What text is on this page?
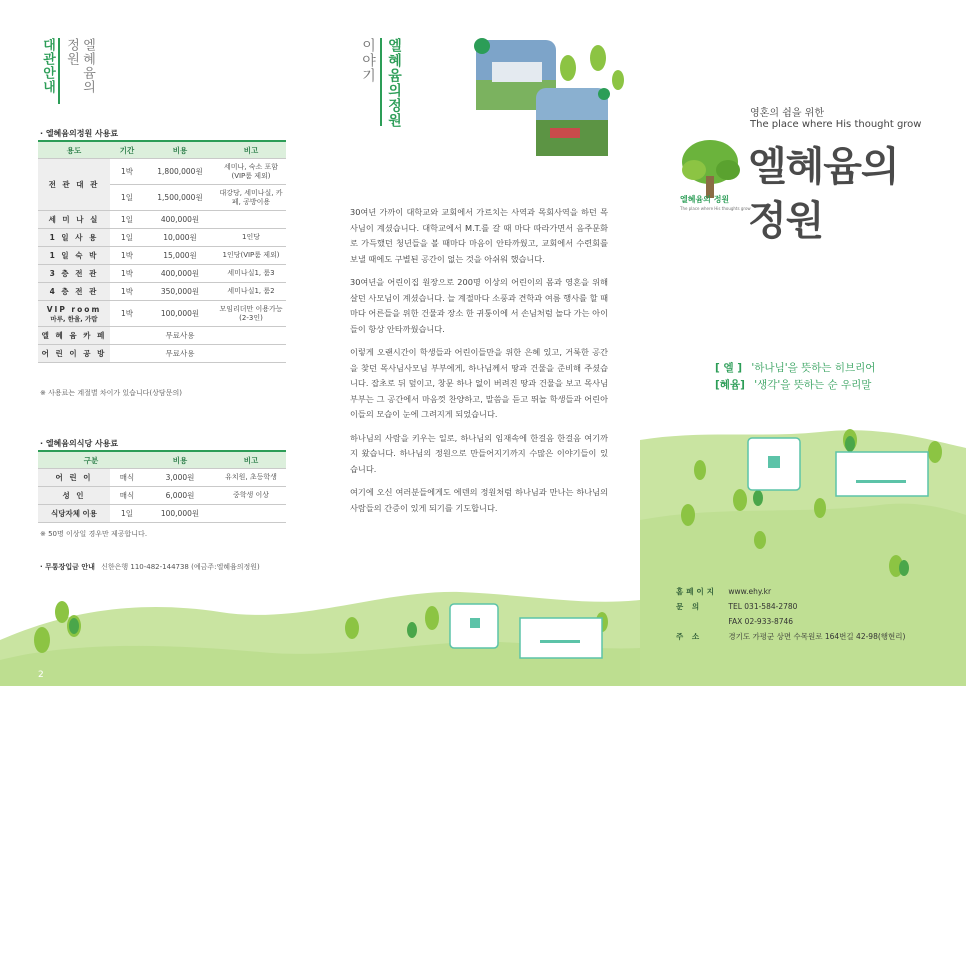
대관안내 정원 엘혜윰의
· 엘혜윰의정원 사용료
용도	기간	비용	비고
전 관 대 관	1박	1,800,000원	세미나, 숙소 포함 (VIP룸 제외)
	1일	1,500,000원	대강당, 세미나실, 카페, 공방이용
세 미 나 실	1일	400,000원	
1 일 사 용	1일	10,000원	1인당
1 일 숙 박	1박	15,000원	1인당(VIP룸 제외)
3 층 전 관	1박	400,000원	세미나실1, 룸3
4 층 전 관	1박	350,000원	세미나실1, 룸2

VIP room
마루, 한울, 가람	1박	100,000원	모임리더만 이용가능 (2-3인)
엘 혜 윰 카 페		무료사용	
어 린 이 공 방		무료사용	
※ 사용료는 계절별 차이가 있습니다(상담문의)
· 엘혜윰의식당 사용료
구분		비용	비고
어 린 이	매식	3,000원	유치원, 초등학생
성 인	매식	6,000원	중학생 이상
식당자체 이용	1일	100,000원	
※ 50명 이상일 경우만 제공합니다.
· 무통장입금 안내 신한은행 110-482-144738 (예금주:엘혜윰의정원)
2
이야기 엘혜윰의정원

30여년 가까이 대학교와 교회에서 가르치는 사역과 목회사역을 하던 목사님이 계셨습니다. 대학교에서 M.T.를 갈 때 마다 따라가면서 음주문화로 가득했던 청년들을 볼 때마다 마음이 안타까웠고, 교회에서 수련회를 보낼 때에도 구별된 공간이 없는 것을 아쉬워 했습니다.

30여년을 어린이집 원장으로 200명 이상의 어린이의 몸과 영혼을 위해 살던 사모님이 계셨습니다. 늘 계절마다 소풍과 견학과 여름 행사를 할 때마다 어른들을 위한 건물과 장소 한 귀퉁이에 서 손님처럼 놀다 가는 아이들이 항상 안타까웠습니다.

이렇게 오랜시간이 학생들과 어린이들만을 위한 은혜 있고, 거룩한 공간을 찾던 목사님사모님 부부에게, 하나님께서 땅과 건물을 준비해 주셨습니다. 잡초로 뒤 덮이고, 창문 하나 없이 버려진 땅과 건물을 보고 목사님 부부는 그 공간에서 마음껏 찬양하고, 말씀을 듣고 뛰놀 학생들과 어린아이들의 모습이 눈에 그려지게 되었습니다.

하나님의 사람을 키우는 일로, 하나님의 임재속에 한걸음 한걸음 여기까지 왔습니다. 하나님의 정원으로 만들어지기까지 수많은 이야기들이 있습니다.

여기에 오신 여러분들에게도 에덴의 정원처럼 하나님과 만나는 하나님의 사람들의 간증이 있게 되기를 기도합니다.

영혼의 쉼을 위한
The place where His thought grow
엘혜윰의 정원
The place where His thoughts grow
엘혜윰의
정원
[ 엘 ] '하나님'을 뜻하는 히브리어
[혜윰] '생각'을 뜻하는 순 우리말
홈페이지 www.ehy.kr
문 의	TEL 031-584-2780
FAX 02-933-8746
주 소	경기도 가평군 상면 수목원로 164번길 42-98(행현리)
